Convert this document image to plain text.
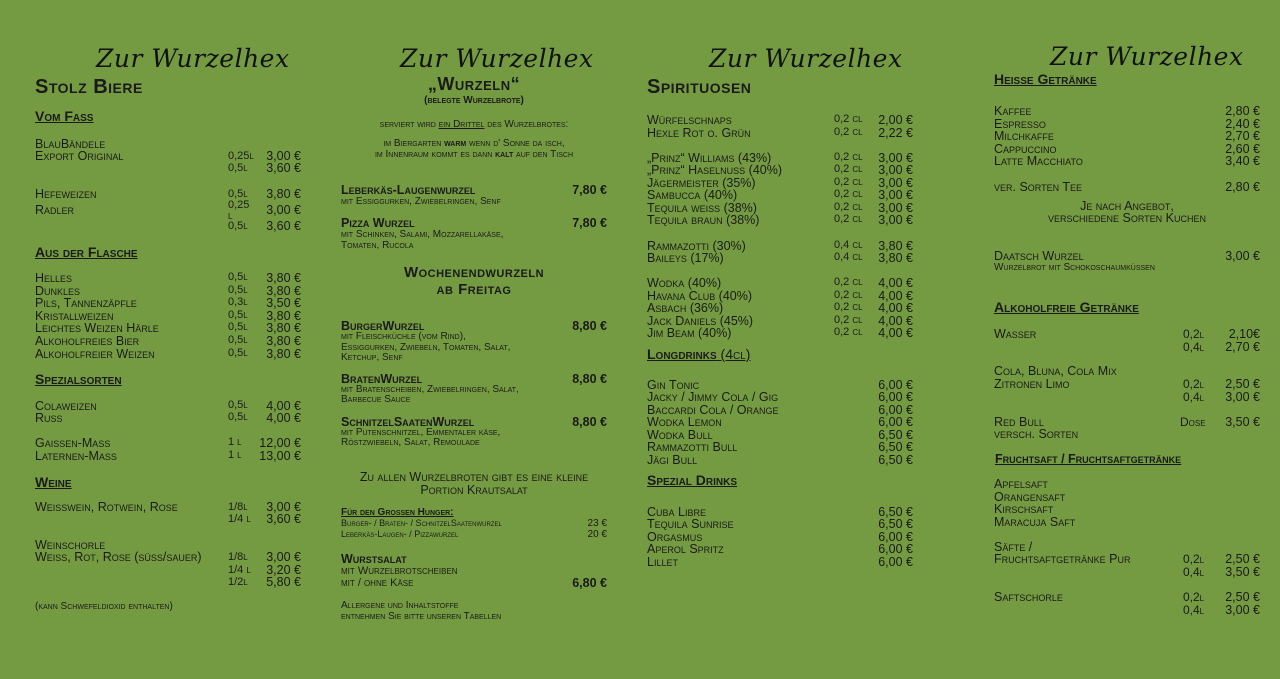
Zur Wurzelhex
Stolz Biere
Vom Fass
BlauBändele
Export Original	0,25l 3,00 €
0,5l	3,60 €
Hefeweizen	0,5l	3,80 €
Radler	0,25
l	3,00 €
0,5l	3,60 €
Aus der Flasche
Helles	0,5l	3,80 €
Dunkles	0,5l	3,80 €
Pils, Tannenzäpfle	0,3l	3,50 €
Kristallweizen	0,5l	3,80 €
Leichtes Weizen Härle	0,5l	3,80 €
Alkoholfreies Bier	0,5l	3,80 €
Alkoholfreier Weizen	0,5l	3,80 €
Spezialsorten
Colaweizen	0,5l	4,00 €
Russ	0,5l	4,00 €
Gaissen-Mass	1 l	12,00 €
Laternen-Mass	1 l	13,00 €
Weine
Weisswein, Rotwein, Rose	1/8l	3,00 €
1/4 l	3,60 €
Weinschorle
Weiss, Rot, Rose (süss/sauer) 1/8l	3,00 €
1/4 l	3,20 €
1/2l	5,80 €
(kann Schwefeldioxid enthalten)
Zur Wurzelhex
„Wurzeln“
(belegte Wurzelbrote)
serviert wird ein Drittel des Wurzelbrotes:
im Biergarten warm wenn d' Sonne da isch,
im Innenraum kommt es dann kalt auf den Tisch
Leberkäs-Laugenwurzel	7,80 €
mit Essiggurken, Zwiebelringen, Senf
Pizza Wurzel	7,80 €
mit Schinken, Salami, Mozzarellakäse,
Tomaten, Rucola
Wochenendwurzeln
ab Freitag
BurgerWurzel	8,80 €
mit Fleischküchle (vom Rind),
Essiggurken, Zwiebeln, Tomaten, Salat,
Ketchup, Senf
BratenWurzel	8,80 €
mit Bratenscheiben, Zwiebelringen, Salat,
Barbecue Sauce
SchnitzelSaatenWurzel	8,80 €
mit Putenschnitzel, Emmentaler käse,
Röstzwiebeln, Salat, Remoulade
Zu allen Wurzelbroten gibt es eine kleine
Portion Krautsalat
Für den Grossen Hunger:
Burger- / Braten- / SchnitzelSaatenwurzel	23 €
Leberkäs-Laugen- / Pizzawurzel	20 €
Wurstsalat
mit Wurzelbrotscheiben
mit / ohne Käse	6,80 €
Allergene und Inhaltstoffe
entnehmen Sie bitte unseren Tabellen
Zur Wurzelhex
Spirituosen
Würfelschnaps	0,2 cl	2,00 €
Hexle Rot o. Grün	0,2 cl	2,22 €
„Prinz“ Williams (43%)	0,2 cl	3,00 €
„Prinz“ Haselnuss (40%)	0,2 cl	3,00 €
Jägermeister (35%)	0,2 cl	3,00 €
Sambucca (40%)	0,2 cl	3,00 €
Tequila weiss (38%)	0,2 cl	3,00 €
Tequila braun (38%)	0,2 cl	3,00 €
Rammazotti (30%)	0,4 cl	3,80 €
Baileys (17%)	0,4 cl	3,80 €
Wodka (40%)	0,2 cl	4,00 €
Havana Club (40%)	0,2 cl	4,00 €
Asbach (36%)	0,2 cl	4,00 €
Jack Daniels (45%)	0,2 cl	4,00 €
Jim Beam (40%)	0,2 cl	4,00 €
Longdrinks (4cl)
Gin Tonic	6,00 €
Jacky / Jimmy Cola / Gig	6,00 €
Baccardi Cola / Orange	6,00 €
Wodka Lemon	6,00 €
Wodka Bull	6,50 €
Rammazotti Bull	6,50 €
Jägi Bull	6,50 €
Spezial Drinks
Cuba Libre	6,50 €
Tequila Sunrise	6,50 €
Orgasmus	6,00 €
Aperol Spritz	6,00 €
Lillet	6,00 €
Zur Wurzelhex
Heisse Getränke
Kaffee	2,80 €
Espresso	2,40 €
Milchkaffe	2,70 €
Cappuccino	2,60 €
Latte Macchiato	3,40 €
ver. Sorten Tee	2,80 €
Je nach Angebot,
verschiedene Sorten Kuchen
Daatsch Wurzel	3,00 €
Wurzelbrot mit Schokoschaumküssen
Alkoholfreie Getränke
Wasser	0,2l	2,10€
0,4l	2,70 €
Cola, Bluna, Cola Mix
Zitronen Limo	0,2l	2,50 €
0,4l	3,00 €
Red Bull
versch. Sorten
Dose	3,50 €
Fruchtsaft / Fruchtsaftgetränke
Apfelsaft
Orangensaft
Kirschsaft
Maracuja Saft
Säfte /
Fruchtsaftgetränke Pur	0,2l	2,50 €
0,4l	3,50 €
Saftschorle	0,2l	2,50 €
0,4l	3,00 €
